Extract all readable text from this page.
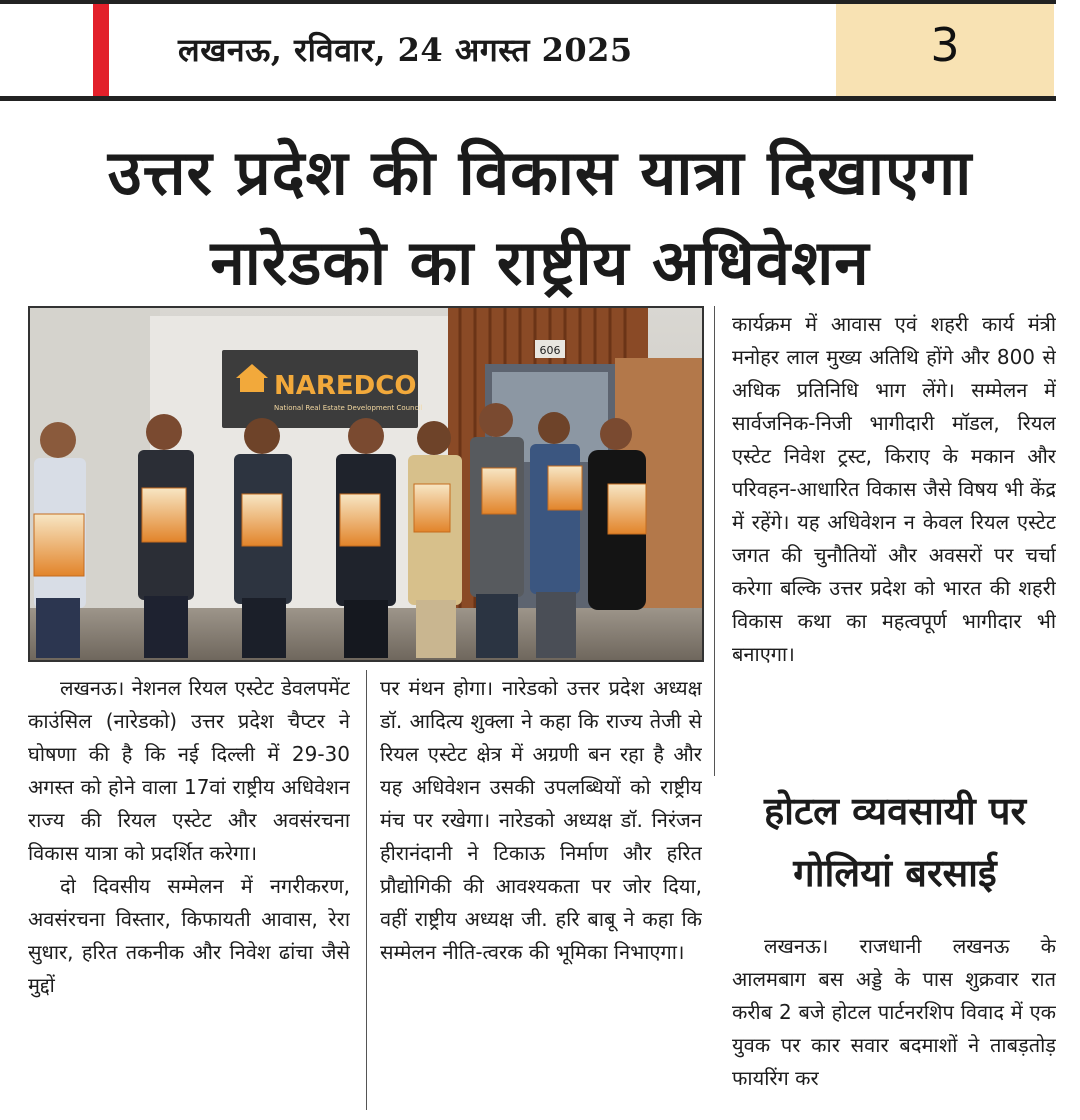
लखनऊ, रविवार, 24 अगस्त 2025	3
उत्तर प्रदेश की विकास यात्रा दिखाएगा
नारेडको का राष्ट्रीय अधिवेशन
606
NAREDCO
National Real Estate Development Council

लखनऊ। नेशनल रियल एस्टेट डेवलपमेंट काउंसिल (नारेडको) उत्तर प्रदेश चैप्टर ने घोषणा की है कि नई दिल्ली में 29-30 अगस्त को होने वाला 17वां राष्ट्रीय अधिवेशन राज्य की रियल एस्टेट और अवसंरचना विकास यात्रा को प्रदर्शित करेगा।

दो दिवसीय सम्मेलन में नगरीकरण, अवसंरचना विस्तार, किफायती आवास, रेरा सुधार, हरित तकनीक और निवेश ढांचा जैसे मुद्दों

पर मंथन होगा। नारेडको उत्तर प्रदेश अध्यक्ष डॉ. आदित्य शुक्ला ने कहा कि राज्य तेजी से रियल एस्टेट क्षेत्र में अग्रणी बन रहा है और यह अधिवेशन उसकी उपलब्धियों को राष्ट्रीय मंच पर रखेगा। नारेडको अध्यक्ष डॉ. निरंजन हीरानंदानी ने टिकाऊ निर्माण और हरित प्रौद्योगिकी की आवश्यकता पर जोर दिया, वहीं राष्ट्रीय अध्यक्ष जी. हरि बाबू ने कहा कि सम्मेलन नीति-त्वरक की भूमिका निभाएगा।

कार्यक्रम में आवास एवं शहरी कार्य मंत्री मनोहर लाल मुख्य अतिथि होंगे और 800 से अधिक प्रतिनिधि भाग लेंगे। सम्मेलन में सार्वजनिक-निजी भागीदारी मॉडल, रियल एस्टेट निवेश ट्रस्ट, किराए के मकान और परिवहन-आधारित विकास जैसे विषय भी केंद्र में रहेंगे। यह अधिवेशन न केवल रियल एस्टेट जगत की चुनौतियों और अवसरों पर चर्चा करेगा बल्कि उत्तर प्रदेश को भारत की शहरी विकास कथा का महत्वपूर्ण भागीदार भी बनाएगा।

होटल व्यवसायी पर
गोलियां बरसाई

लखनऊ। राजधानी लखनऊ के आलमबाग बस अड्डे के पास शुक्रवार रात करीब 2 बजे होटल पार्टनरशिप विवाद में एक युवक पर कार सवार बदमाशों ने ताबड़तोड़ फायरिंग कर
